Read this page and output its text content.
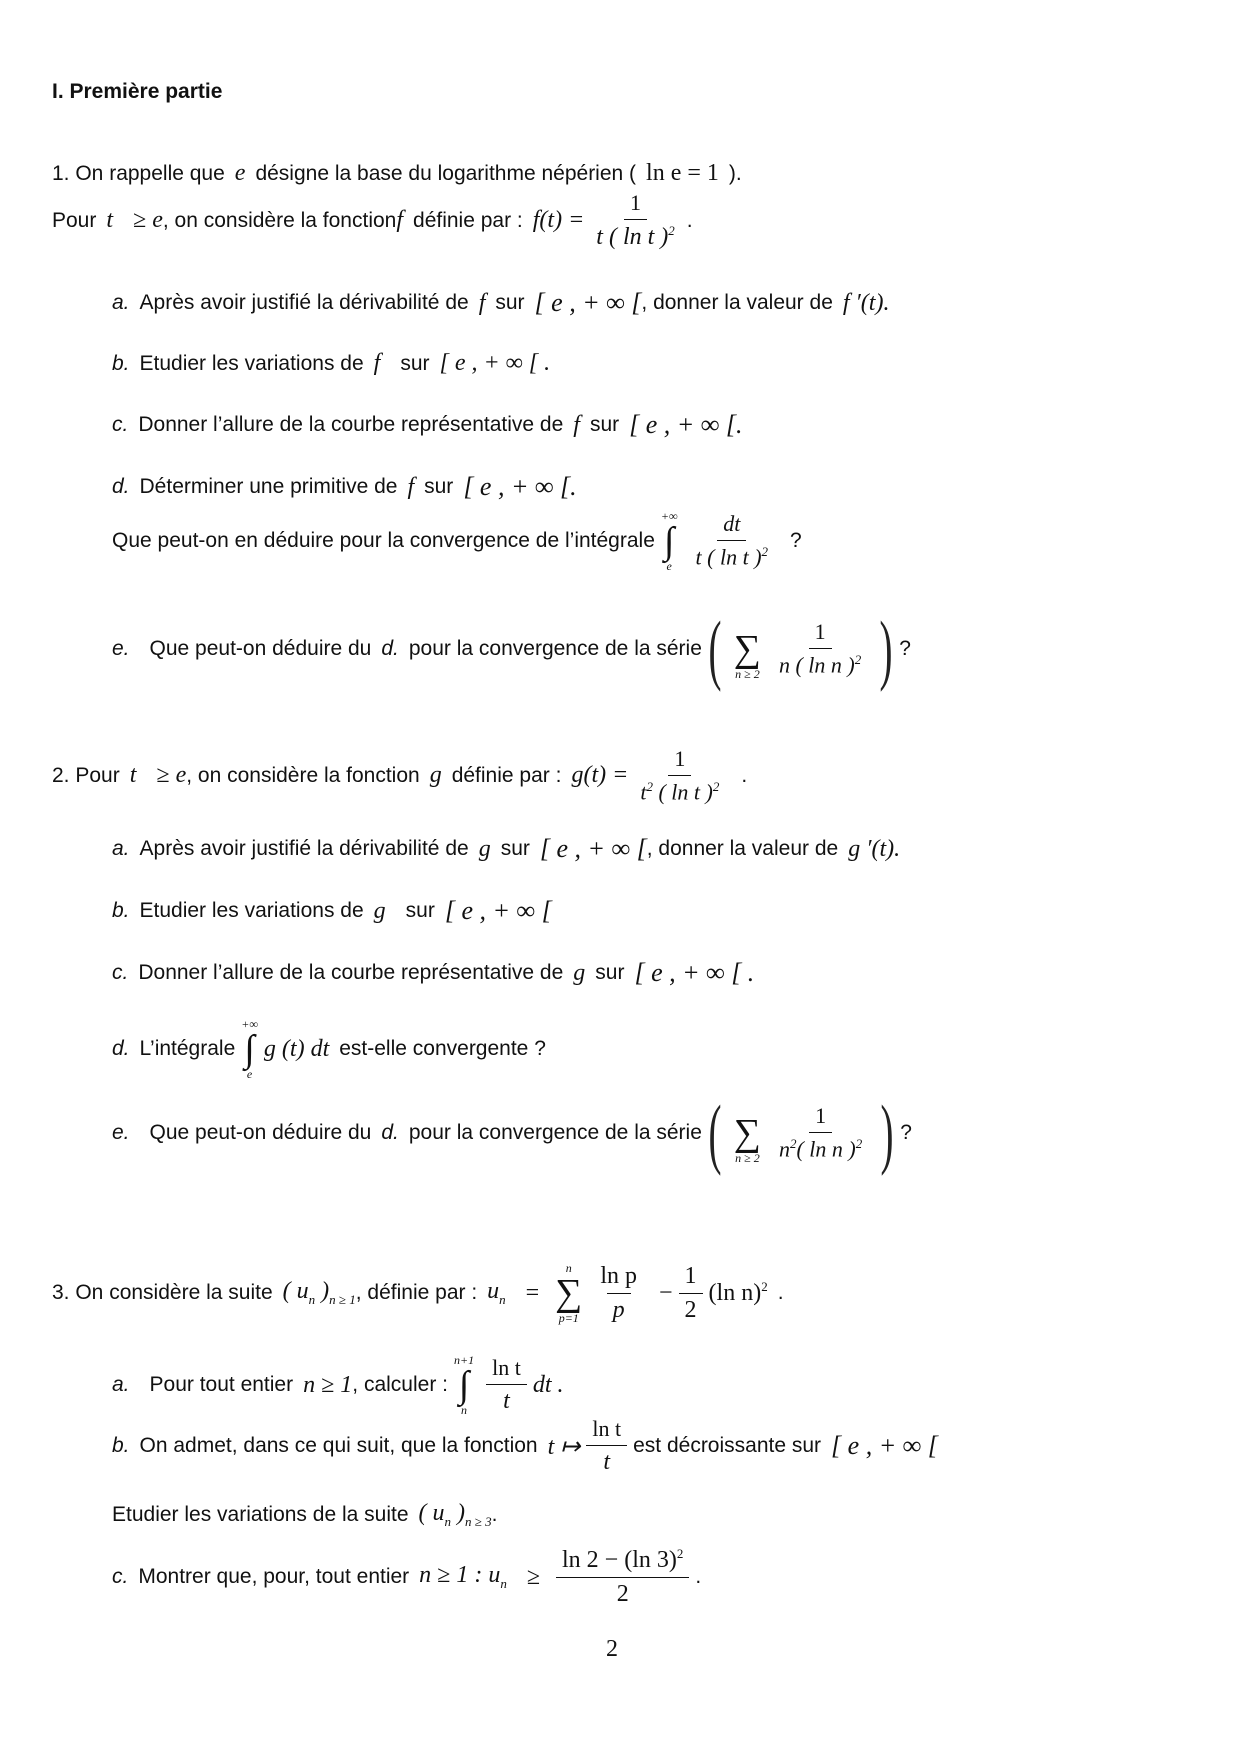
I. Première partie
1. On rappelle que e désigne la base du logarithme népérien ( ln e = 1 ).
Pour t ≥ e , on considère la fonction f définie par : $f(t) = \frac{1}{t ( \ln t )^2}$ .
a. Après avoir justifié la dérivabilité de f sur [ e , + ∞ [ , donner la valeur de f ′(t).
b. Etudier les variations de f sur [ e , + ∞ [ .
c. Donner l’allure de la courbe représentative de f sur [ e , + ∞ [.
d. Déterminer une primitive de f sur [ e , + ∞ [.
Que peut-on en déduire pour la convergence de l’intégrale
+∞
∫
e $\frac{dt}{t ( \ln t )^2}$ ?
e. Que peut-on déduire du d. pour la convergence de la série ( ∑
$n \ge 2 \frac{1}{n ( \ln n )^2}$ ) ?
2. Pour t ≥ e , on considère la fonction g définie par : $g(t) = \frac{1}{t^2 ( \ln t )^2}$ .
a. Après avoir justifié la dérivabilité de g sur [ e , + ∞ [ , donner la valeur de g ′(t).
b. Etudier les variations de g sur [ e , + ∞ [
c. Donner l’allure de la courbe représentative de g sur [ e , + ∞ [ .
d. L’intégrale
+∞
∫
e
g (t) dt est-elle convergente ?
e. Que peut-on déduire du d. pour la convergence de la série ( ∑
$n \ge 2 \frac{1}{n^2( \ln n )^2}$ ) ?
3. On considère la suite ( $u_n$ )$_{n \ge 1}$ , définie par : $u_n$ =
n
∑
$p=1 \frac{\text{ln p}}{p} - \frac{1}{2} (\ln$ n)$^2$ .
a. Pour tout entier n ≥ 1 , calculer :
n+1
∫
n $\frac{\text{ln t}}{t}$ dt .
b. On admet, dans ce qui suit, que la fonction t ↦ $\frac{\text{ln t}}{t}$ est décroissante sur [ e , + ∞ [
Etudier les variations de la suite ( $u_n$ )$_{n \ge 3}$ .
c. Montrer que, pour, tout entier n ≥ 1 : $u_n \ge \frac{\ln 2 - (\ln 3)^2}{2}$ .
2
